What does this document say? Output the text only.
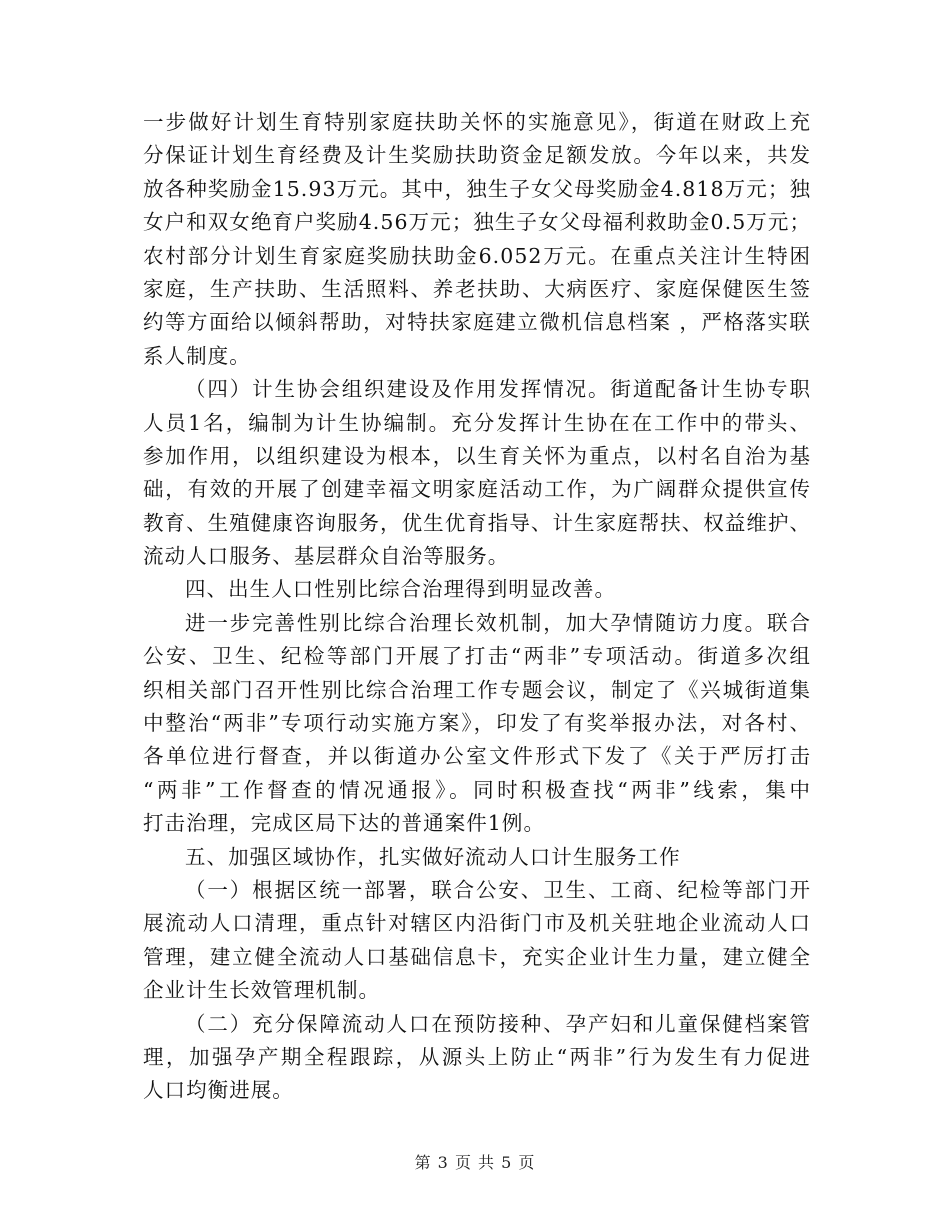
一步做好计划生育特别家庭扶助关怀的实施意见》，街道在财政上充
分保证计划生育经费及计生奖励扶助资金足额发放。今年以来，共发
放各种奖励金15.93万元。其中，独生子女父母奖励金4.818万元；独
女户和双女绝育户奖励4.56万元；独生子女父母福利救助金0.5万元；
农村部分计划生育家庭奖励扶助金6.052万元。在重点关注计生特困
家庭，生产扶助、生活照料、养老扶助、大病医疗、家庭保健医生签
约等方面给以倾斜帮助，对特扶家庭建立微机信息档案 ，严格落实联
系人制度。
（四）计生协会组织建设及作用发挥情况。街道配备计生协专职
人员1名，编制为计生协编制。充分发挥计生协在在工作中的带头、
参加作用，以组织建设为根本，以生育关怀为重点，以村名自治为基
础，有效的开展了创建幸福文明家庭活动工作，为广阔群众提供宣传
教育、生殖健康咨询服务，优生优育指导、计生家庭帮扶、权益维护、
流动人口服务、基层群众自治等服务。
四、出生人口性别比综合治理得到明显改善。
进一步完善性别比综合治理长效机制，加大孕情随访力度。联合
公安、卫生、纪检等部门开展了打击“两非”专项活动。街道多次组
织相关部门召开性别比综合治理工作专题会议，制定了《兴城街道集
中整治“两非”专项行动实施方案》，印发了有奖举报办法，对各村、
各单位进行督查，并以街道办公室文件形式下发了《关于严厉打击
“两非”工作督查的情况通报》。同时积极查找“两非”线索，集中
打击治理，完成区局下达的普通案件1例。
五、加强区域协作，扎实做好流动人口计生服务工作
（一）根据区统一部署，联合公安、卫生、工商、纪检等部门开
展流动人口清理，重点针对辖区内沿街门市及机关驻地企业流动人口
管理，建立健全流动人口基础信息卡，充实企业计生力量，建立健全
企业计生长效管理机制。
（二）充分保障流动人口在预防接种、孕产妇和儿童保健档案管
理，加强孕产期全程跟踪，从源头上防止“两非”行为发生有力促进
人口均衡进展。
第 3 页 共 5 页
